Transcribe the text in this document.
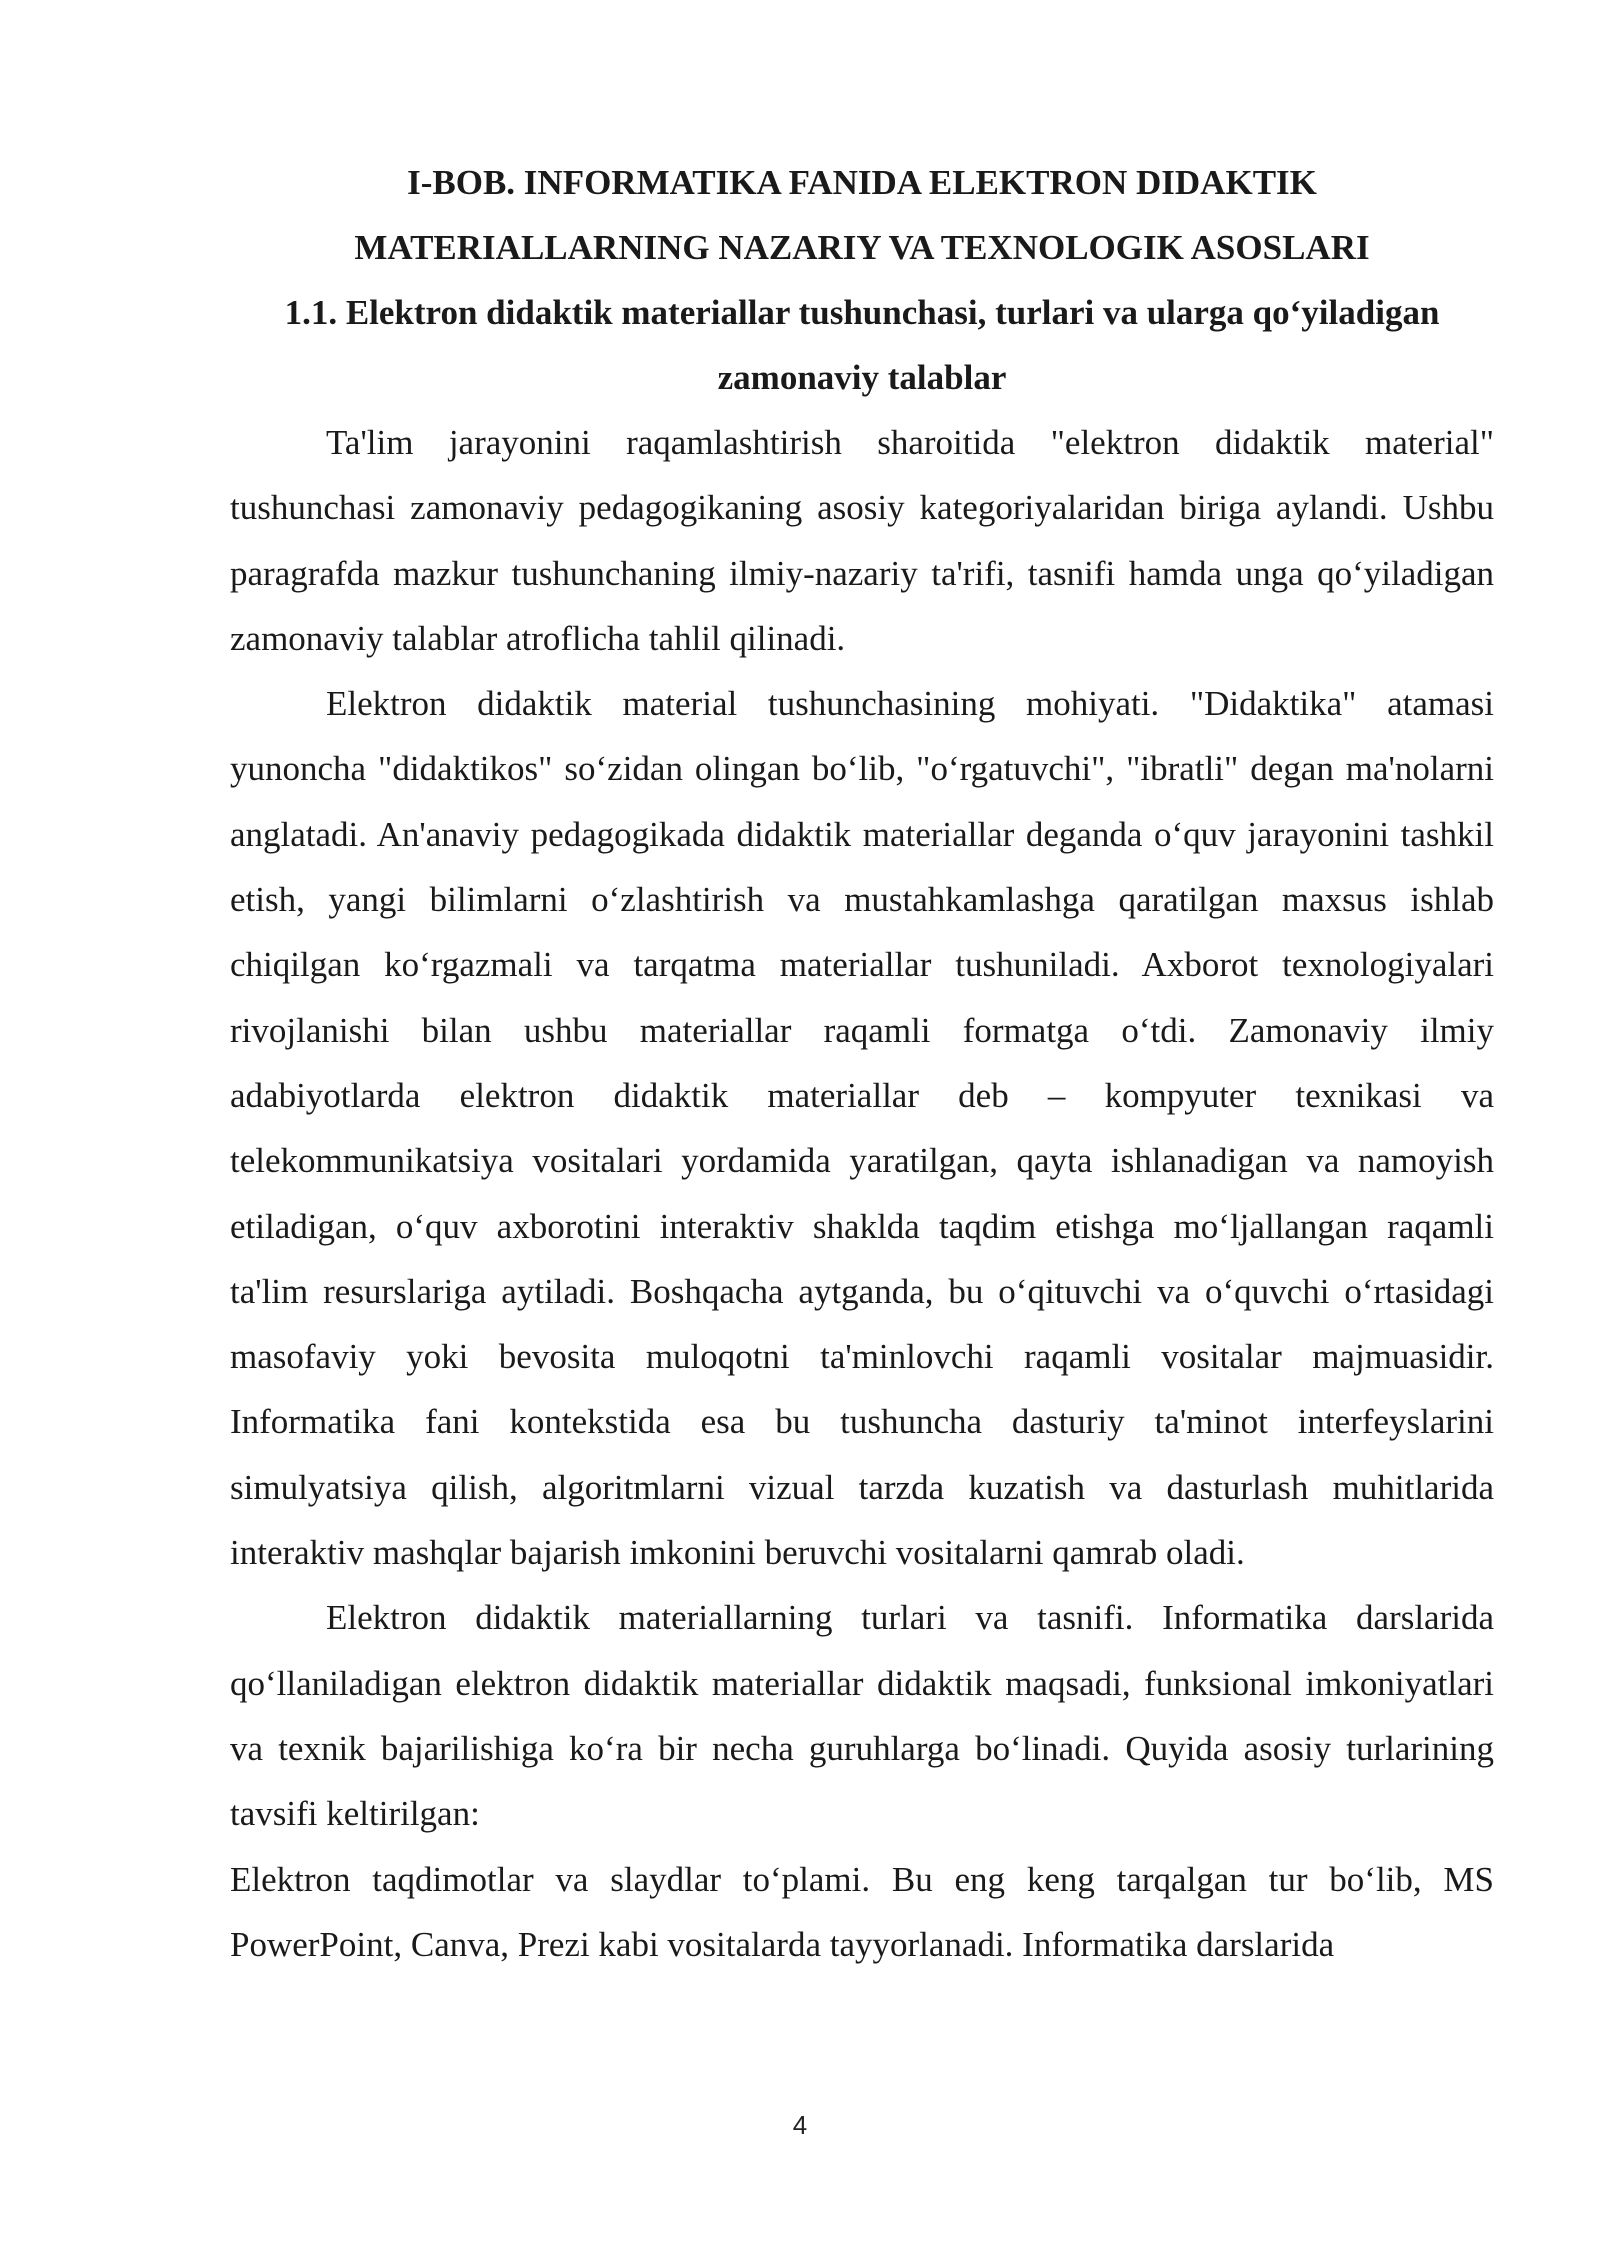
I-BOB. INFORMATIKA FANIDA ELEKTRON DIDAKTIK

MATERIALLARNING NAZARIY VA TEXNOLOGIK ASOSLARI

1.1. Elektron didaktik materiallar tushunchasi, turlari va ularga qo‘yiladigan

zamonaviy talablar

Ta'lim jarayonini raqamlashtirish sharoitida "elektron didaktik material" tushunchasi zamonaviy pedagogikaning asosiy kategoriyalaridan biriga aylandi. Ushbu paragrafda mazkur tushunchaning ilmiy-nazariy ta'rifi, tasnifi hamda unga qo‘yiladigan zamonaviy talablar atroflicha tahlil qilinadi.

Elektron didaktik material tushunchasining mohiyati. "Didaktika" atamasi yunoncha "didaktikos" so‘zidan olingan bo‘lib, "o‘rgatuvchi", "ibratli" degan ma'nolarni anglatadi. An'anaviy pedagogikada didaktik materiallar deganda o‘quv jarayonini tashkil etish, yangi bilimlarni o‘zlashtirish va mustahkamlashga qaratilgan maxsus ishlab chiqilgan ko‘rgazmali va tarqatma materiallar tushuniladi. Axborot texnologiyalari rivojlanishi bilan ushbu materiallar raqamli formatga o‘tdi. Zamonaviy ilmiy adabiyotlarda elektron didaktik materiallar deb – kompyuter texnikasi va telekommunikatsiya vositalari yordamida yaratilgan, qayta ishlanadigan va namoyish etiladigan, o‘quv axborotini interaktiv shaklda taqdim etishga mo‘ljallangan raqamli ta'lim resurslariga aytiladi. Boshqacha aytganda, bu o‘qituvchi va o‘quvchi o‘rtasidagi masofaviy yoki bevosita muloqotni ta'minlovchi raqamli vositalar majmuasidir. Informatika fani kontekstida esa bu tushuncha dasturiy ta'minot interfeyslarini simulyatsiya qilish, algoritmlarni vizual tarzda kuzatish va dasturlash muhitlarida interaktiv mashqlar bajarish imkonini beruvchi vositalarni qamrab oladi.

Elektron didaktik materiallarning turlari va tasnifi. Informatika darslarida qo‘llaniladigan elektron didaktik materiallar didaktik maqsadi, funksional imkoniyatlari va texnik bajarilishiga ko‘ra bir necha guruhlarga bo‘linadi. Quyida asosiy turlarining tavsifi keltirilgan:

Elektron taqdimotlar va slaydlar to‘plami. Bu eng keng tarqalgan tur bo‘lib, MS PowerPoint, Canva, Prezi kabi vositalarda tayyorlanadi. Informatika darslarida

4
